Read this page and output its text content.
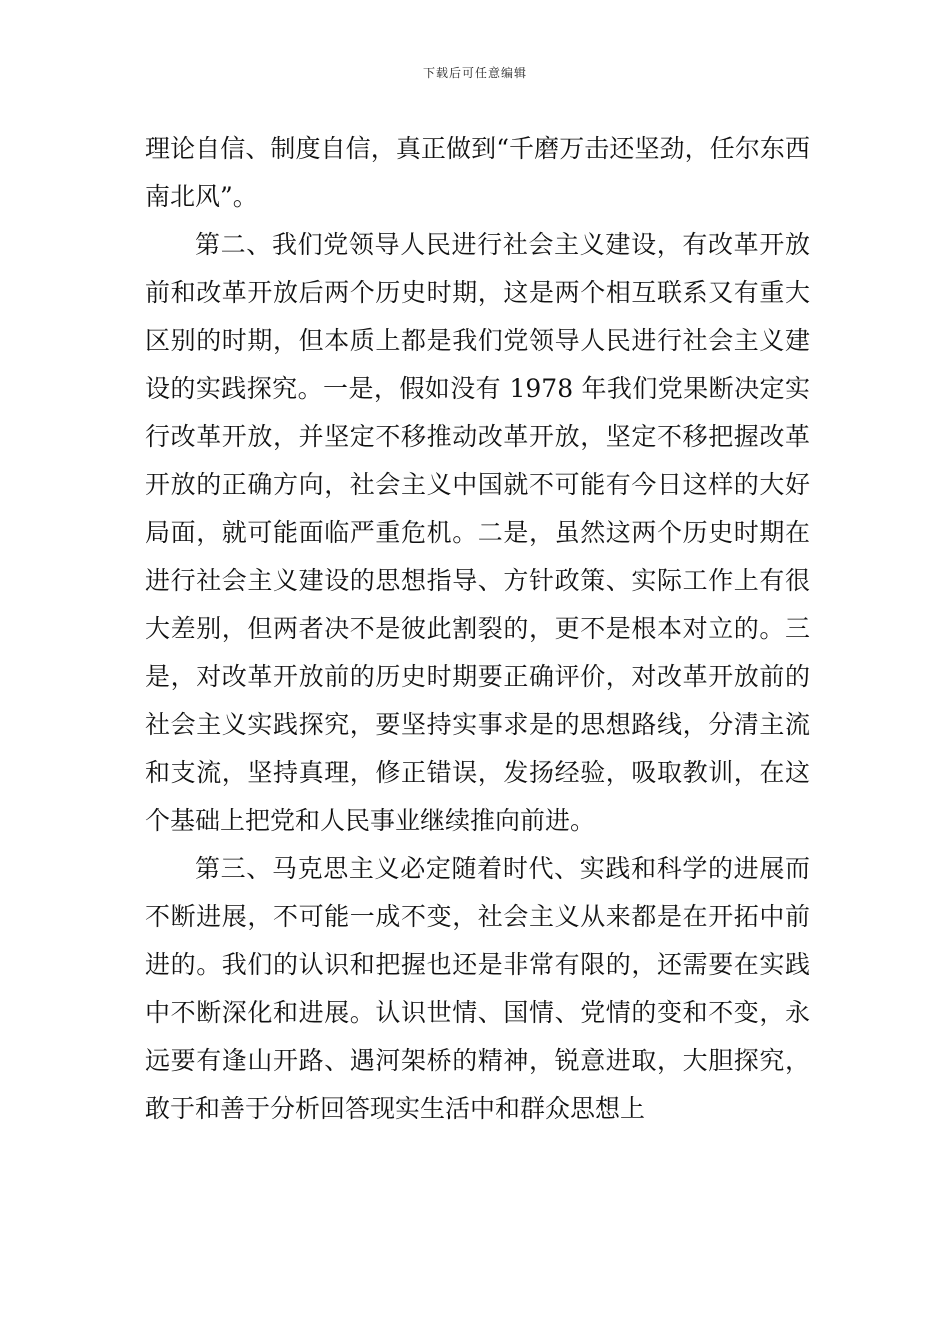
下载后可任意编辑

理论自信、制度自信，真正做到“千磨万击还坚劲，任尔东西南北风”。

第二、我们党领导人民进行社会主义建设，有改革开放前和改革开放后两个历史时期，这是两个相互联系又有重大区别的时期，但本质上都是我们党领导人民进行社会主义建设的实践探究。一是，假如没有 1978 年我们党果断决定实行改革开放，并坚定不移推动改革开放，坚定不移把握改革开放的正确方向，社会主义中国就不可能有今日这样的大好局面，就可能面临严重危机。二是，虽然这两个历史时期在进行社会主义建设的思想指导、方针政策、实际工作上有很大差别，但两者决不是彼此割裂的，更不是根本对立的。三是，对改革开放前的历史时期要正确评价，对改革开放前的社会主义实践探究，要坚持实事求是的思想路线，分清主流和支流，坚持真理，修正错误，发扬经验，吸取教训，在这个基础上把党和人民事业继续推向前进。

第三、马克思主义必定随着时代、实践和科学的进展而不断进展，不可能一成不变，社会主义从来都是在开拓中前进的。我们的认识和把握也还是非常有限的，还需要在实践中不断深化和进展。认识世情、国情、党情的变和不变，永远要有逢山开路、遇河架桥的精神，锐意进取，大胆探究，敢于和善于分析回答现实生活中和群众思想上
